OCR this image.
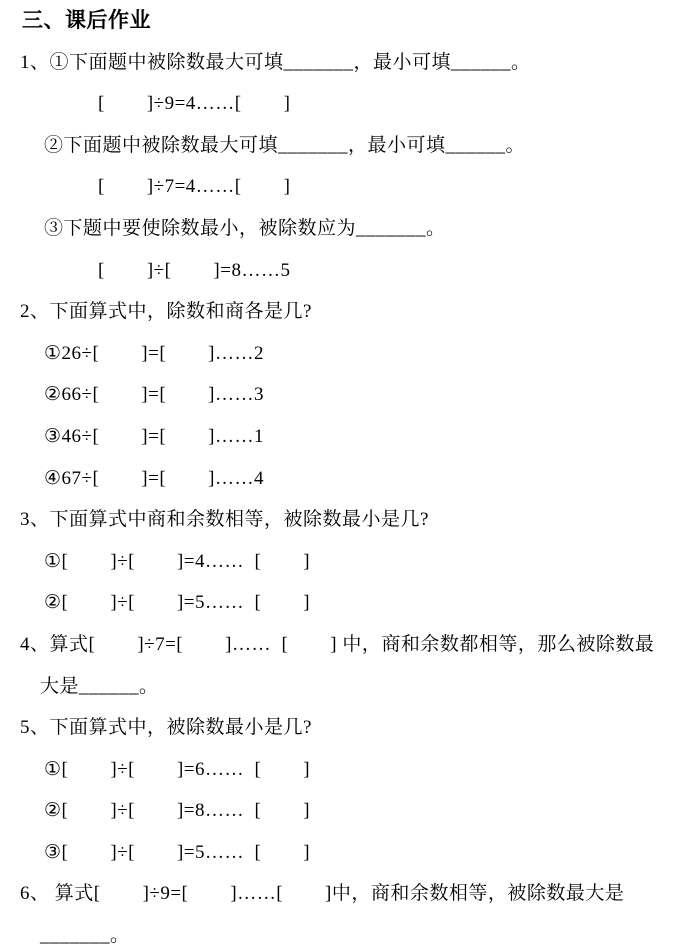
三、课后作业

1、①下面题中被除数最大可填_______，最小可填______。

[        ]÷9=4……[        ]

②下面题中被除数最大可填_______，最小可填______。

[        ]÷7=4……[        ]

③下题中要使除数最小，被除数应为_______。

[        ]÷[        ]=8……5

2、下面算式中，除数和商各是几?

①26÷[        ]=[        ]……2

②66÷[        ]=[        ]……3

③46÷[        ]=[        ]……1

④67÷[        ]=[        ]……4

3、下面算式中商和余数相等，被除数最小是几?

①[        ]÷[        ]=4……  [        ]

②[        ]÷[        ]=5……  [        ]

4、算式[        ]÷7=[        ]……  [        ] 中，商和余数都相等，那么被除数最

大是______。

5、下面算式中，被除数最小是几?

①[        ]÷[        ]=6……  [        ]

②[        ]÷[        ]=8……  [        ]

③[        ]÷[        ]=5……  [        ]

6、 算式[        ]÷9=[        ]……[        ]中，商和余数相等，被除数最大是

_______。
